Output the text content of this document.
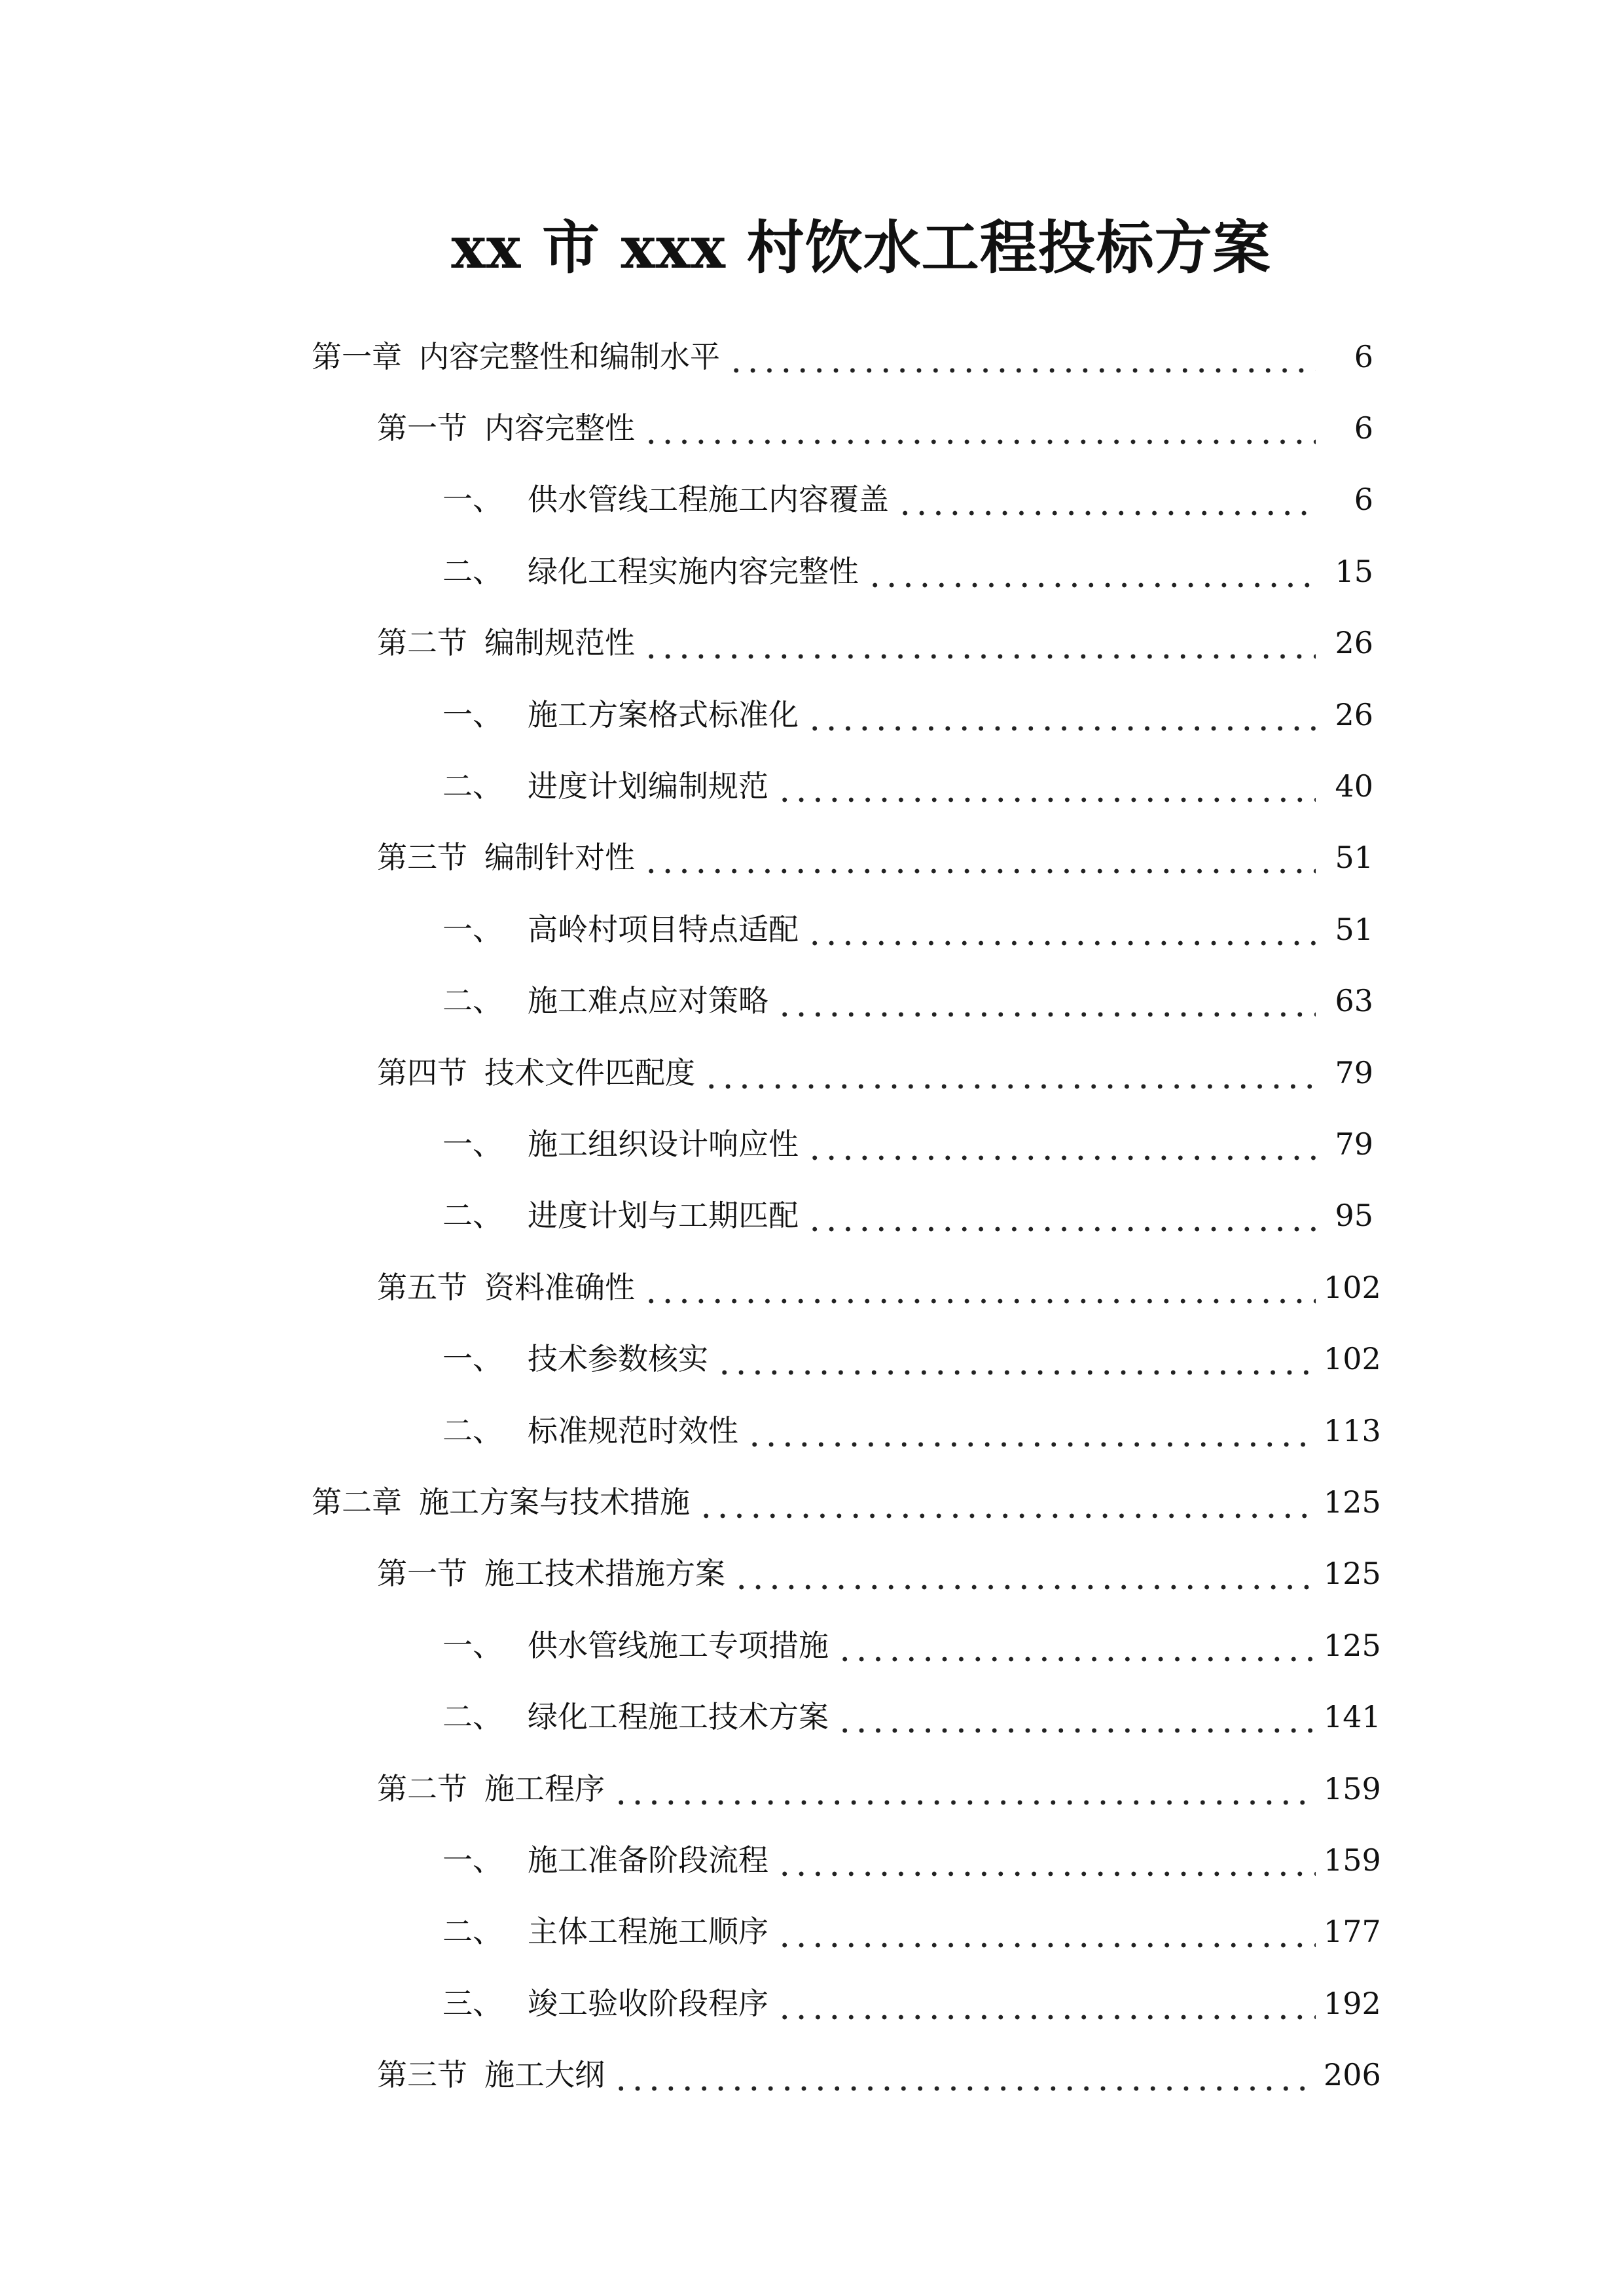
xx 市 xxx 村饮水工程投标方案
第一章 内容完整性和编制水平	6
第一节 内容完整性	6
一、 供水管线工程施工内容覆盖	6
二、 绿化工程实施内容完整性	15
第二节 编制规范性	26
一、 施工方案格式标准化	26
二、 进度计划编制规范	40
第三节 编制针对性	51
一、 高岭村项目特点适配	51
二、 施工难点应对策略	63
第四节 技术文件匹配度	79
一、 施工组织设计响应性	79
二、 进度计划与工期匹配	95
第五节 资料准确性	102
一、 技术参数核实	102
二、 标准规范时效性	113
第二章 施工方案与技术措施	125
第一节 施工技术措施方案	125
一、 供水管线施工专项措施	125
二、 绿化工程施工技术方案	141
第二节 施工程序	159
一、 施工准备阶段流程	159
二、 主体工程施工顺序	177
三、 竣工验收阶段程序	192
第三节 施工大纲	206
